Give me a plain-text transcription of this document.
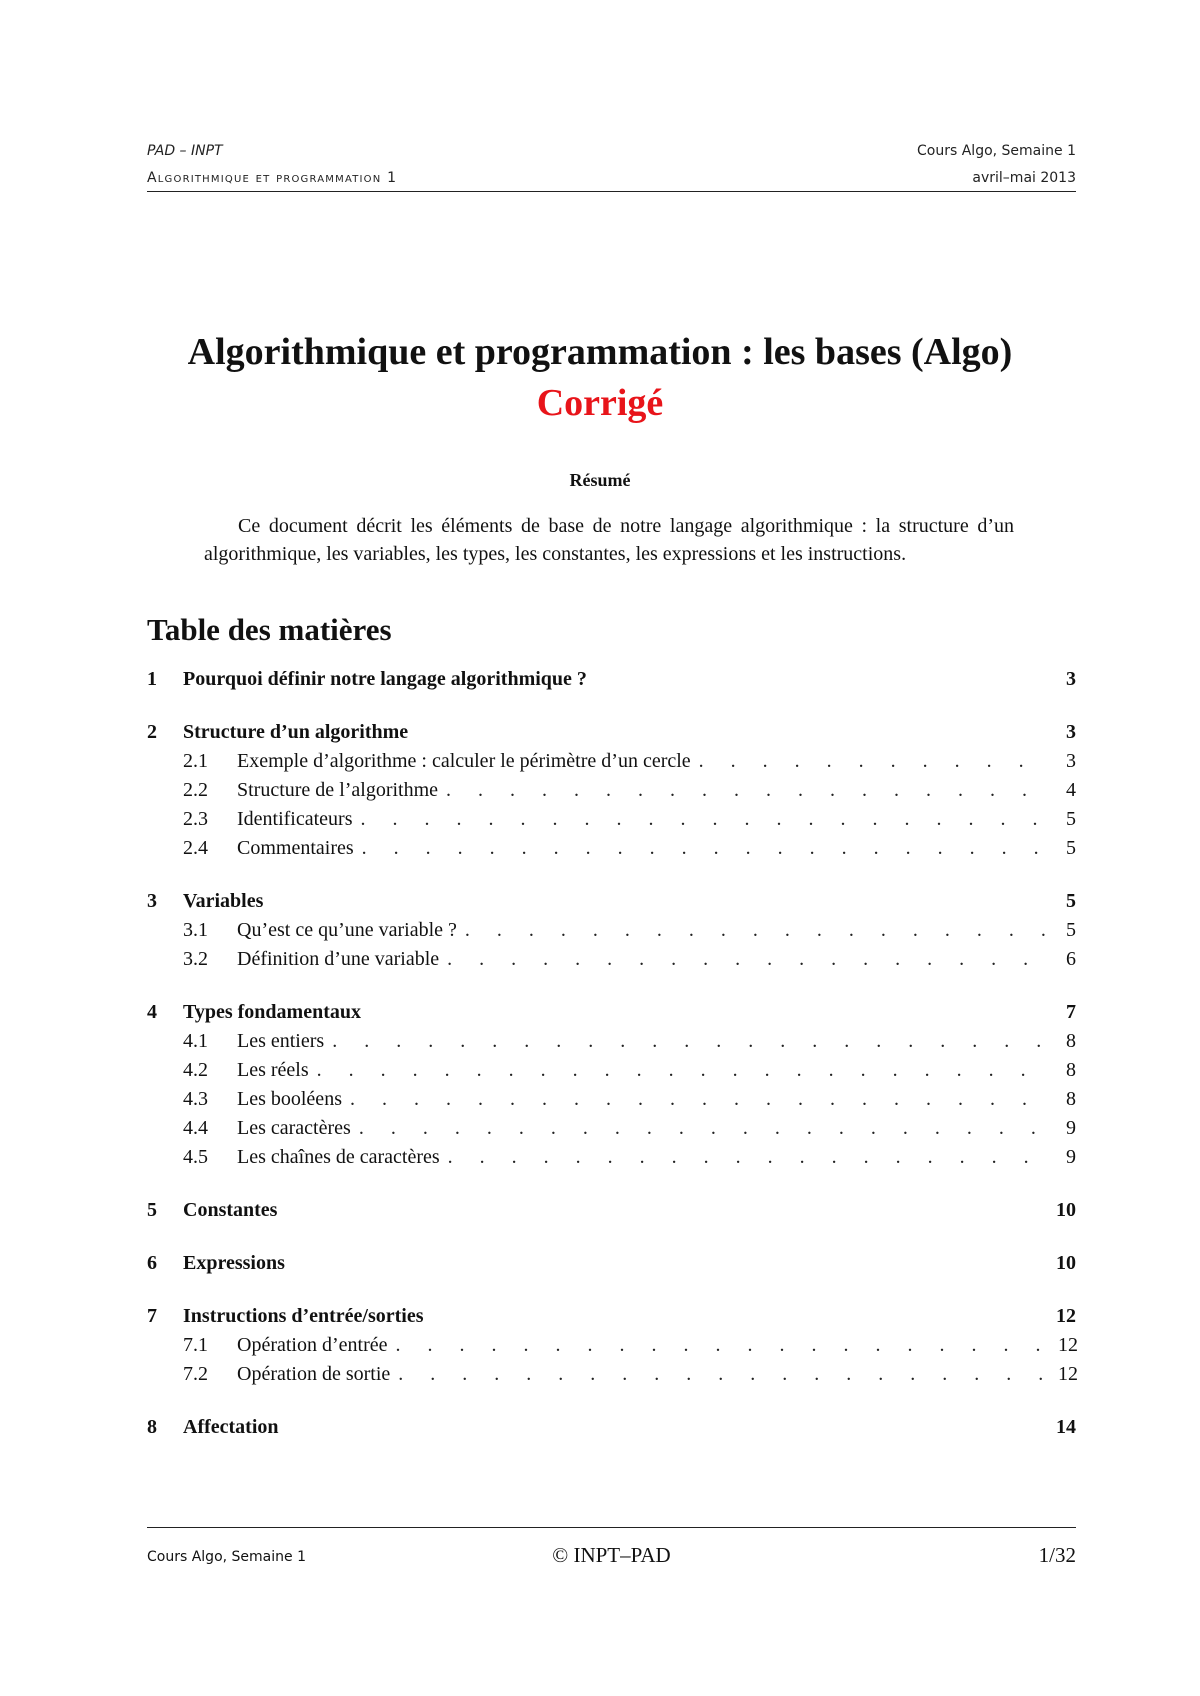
PAD – INPT	Cours Algo, Semaine 1
Algorithmique et programmation 1	avril–mai 2013
Algorithmique et programmation : les bases (Algo)
Corrigé
Résumé
Ce document décrit les éléments de base de notre langage algorithmique : la structure d’un algorithmique, les variables, les types, les constantes, les expressions et les instructions.
Table des matières
1	Pourquoi définir notre langage algorithmique ?	3
2	Structure d’un algorithme	3
2.1	Exemple d’algorithme : calculer le périmètre d’un cercle . . .	3
2.2	Structure de l’algorithme . . .	4
2.3	Identificateurs . . .	5
2.4	Commentaires . . .	5
3	Variables	5
3.1	Qu’est ce qu’une variable ? . . .	5
3.2	Définition d’une variable . . .	6
4	Types fondamentaux	7
4.1	Les entiers . . .	8
4.2	Les réels . . .	8
4.3	Les booléens . . .	8
4.4	Les caractères . . .	9
4.5	Les chaînes de caractères . . .	9
5	Constantes	10
6	Expressions	10
7	Instructions d’entrée/sorties	12
7.1	Opération d’entrée . . .	12
7.2	Opération de sortie . . .	12
8	Affectation	14
Cours Algo, Semaine 1	© INPT–PAD	1/32
